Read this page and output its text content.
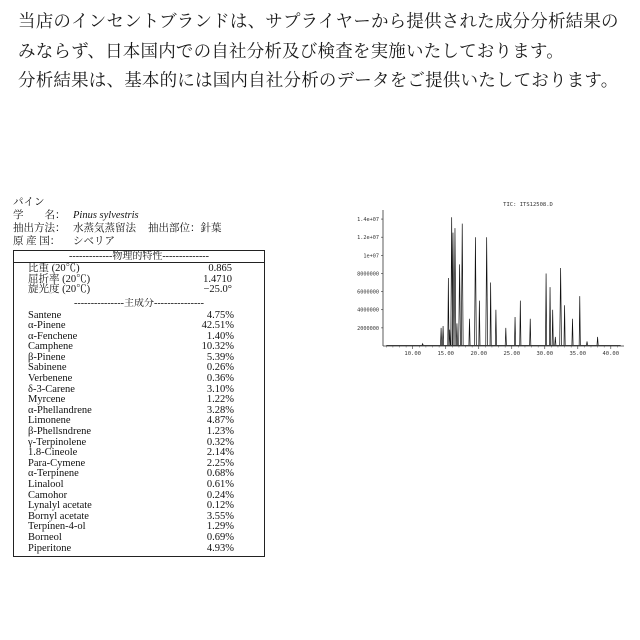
当店のインセントブランドは、サプライヤーから提供された成分分析結果のみならず、日本国内での自社分析及び検査を実施いたしております。

分析結果は、基本的には国内自社分析のデータをご提供いたしております。

パイン
学　　名： Pinus sylvestris
抽出方法： 水蒸気蒸留法 抽出部位： 針葉
原 産 国：	シベリア
-------------物理的特性--------------
比重 (20℃)	0.865
屈折率 (20℃)	1.4710
旋光度 (20℃)	−25.0°
---------------主成分---------------
Santene	4.75%
α-Pinene	42.51%
α-Fenchene	1.40%
Camphene	10.32%
β-Pinene	5.39%
Sabinene	0.26%
Verbenene	0.36%
δ-3-Carene	3.10%
Myrcene	1.22%
α-Phellandrene	3.28%
Limonene	4.87%
β-Phellsndrene	1.23%
γ-Terpinolene	0.32%
1.8-Cineole	2.14%
Para-Cymene	2.25%
α-Terpinene	0.68%
Linalool	0.61%
Camohor	0.24%
Lynalyl acetate	0.12%
Bornyl acetate	3.55%
Terpinen-4-ol	1.29%
Borneol	0.69%
Piperitone	4.93%
TIC: ITS12508.D
2000000
4000000
6000000
8000000
1e+07
1.2e+07
1.4e+07
10.00	15.00	20.00	25.00	30.00	35.00	40.00
